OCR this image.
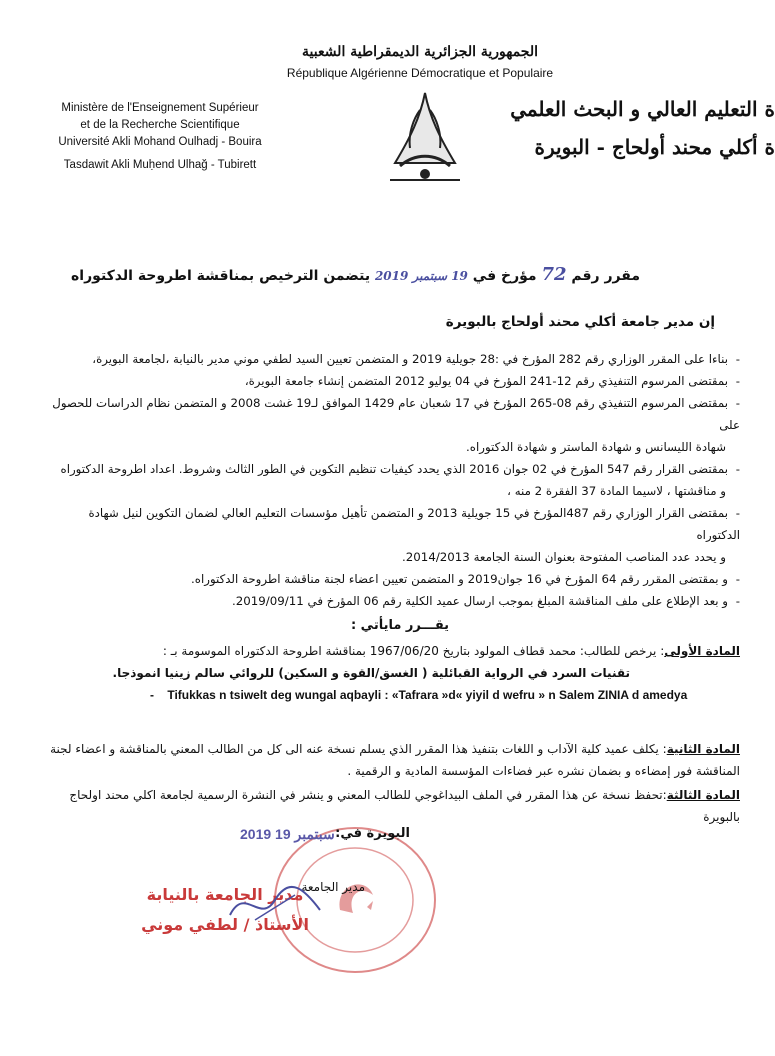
الجمهورية الجزائرية الديمقراطية الشعبية
République Algérienne Démocratique et Populaire
Ministère de l'Enseignement Supérieur
et de la Recherche Scientifique
Université Akli Mohand Oulhadj - Bouira
Tasdawit Akli Muḥend Ulhağ - Tubirett
ة التعليم العالي و البحث العلمي
ة أكلي محند أولحاج - البويرة
مقرر رقم 72 مؤرخ في 19 سبتمبر 2019 يتضمن الترخيص بمناقشة اطروحة الدكتوراه
إن مدير جامعة أكلي محند أولحاج بالبويرة
-بناءا على المقرر الوزاري رقم 282 المؤرخ في :28 جويلية 2019 و المتضمن تعيين السيد لطفي موني مدير بالنيابة ،لجامعة البويرة،
-بمقتضى المرسوم التنفيذي رقم 12-241 المؤرخ في 04 يوليو 2012 المتضمن إنشاء جامعة البويرة،
-بمقتضى المرسوم التنفيذي رقم 08-265 المؤرخ في 17 شعبان عام 1429 الموافق لـ19 غشت 2008 و المتضمن نظام الدراسات للحصول على
شهادة الليسانس و شهادة الماستر و شهادة الدكتوراه.
-بمقتضى القرار رقم 547 المؤرخ في 02 جوان 2016 الذي يحدد كيفيات تنظيم التكوين في الطور الثالث وشروط. اعداد اطروحة الدكتوراه
و مناقشتها ، لاسيما المادة 37 الفقرة 2 منه ،
-بمقتضى القرار الوزاري رقم 487المؤرخ في 15 جويلية 2013 و المتضمن تأهيل مؤسسات التعليم العالي لضمان التكوين لنيل شهادة الدكتوراه
و يحدد عدد المناصب المفتوحة بعنوان السنة الجامعة 2014/2013.
-و بمقتضى المقرر رقم 64 المؤرخ في 16 جوان2019 و المتضمن تعيين اعضاء لجنة مناقشة اطروحة الدكتوراه.
-و بعد الإطلاع على ملف المناقشة المبلغ بموجب ارسال عميد الكلية رقم 06 المؤرخ في 2019/09/11.
يقـــرر مايأتي :
المادة الأولى: يرخص للطالب: محمد قطاف المولود بتاريخ 1967/06/20 بمناقشة اطروحة الدكتوراه الموسومة بـ :
تقنيات السرد في الرواية القبائلية ( الغسق/القوة و السكين) للروائي سالم زينيا انموذجا.
-    Tifukkas n tsiwelt deg wungal aqbayli : «Tafrara »d« yiyil d wefru » n Salem ZINIA d amedya
المادة الثانية: يكلف عميد كلية الآداب و اللغات بتنفيذ هذا المقرر الذي يسلم نسخة عنه الى كل من الطالب المعني بالمناقشة و اعضاء لجنة المناقشة فور إمضاءه و بضمان نشره عبر فضاءات المؤسسة المادية و الرقمية .
المادة الثالثة:تحفظ نسخة عن هذا المقرر في الملف البيداغوجي للطالب المعني و ينشر في النشرة الرسمية لجامعة اكلي محند اولحاج بالبويرة
البويرة في:
2019 سبتمبر 19
مدير الجامعة
مدير الجامعة بالنيابة
الأستاذ / لطفي موني
